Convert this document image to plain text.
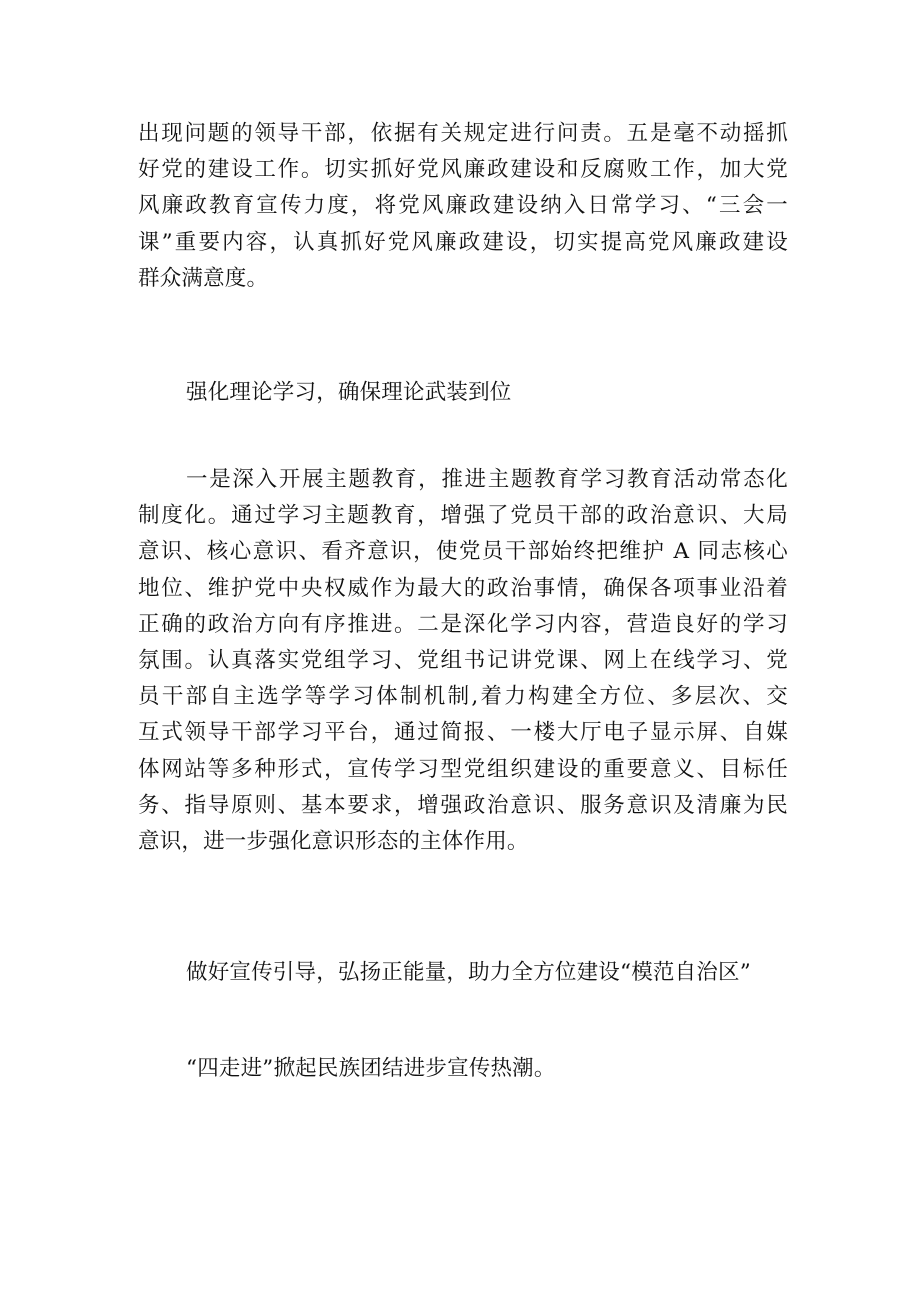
出现问题的领导干部，依据有关规定进行问责。五是毫不动摇抓
好党的建设工作。切实抓好党风廉政建设和反腐败工作，加大党
风廉政教育宣传力度，将党风廉政建设纳入日常学习、“三会一
课”重要内容，认真抓好党风廉政建设，切实提高党风廉政建设
群众满意度。
强化理论学习，确保理论武装到位
一是深入开展主题教育，推进主题教育学习教育活动常态化
制度化。通过学习主题教育，增强了党员干部的政治意识、大局
意识、核心意识、看齐意识，使党员干部始终把维护 A 同志核心
地位、维护党中央权威作为最大的政治事情，确保各项事业沿着
正确的政治方向有序推进。二是深化学习内容，营造良好的学习
氛围。认真落实党组学习、党组书记讲党课、网上在线学习、党
员干部自主选学等学习体制机制,着力构建全方位、多层次、交
互式领导干部学习平台，通过简报、一楼大厅电子显示屏、自媒
体网站等多种形式，宣传学习型党组织建设的重要意义、目标任
务、指导原则、基本要求，增强政治意识、服务意识及清廉为民
意识，进一步强化意识形态的主体作用。
做好宣传引导，弘扬正能量，助力全方位建设“模范自治区”
“四走进”掀起民族团结进步宣传热潮。
